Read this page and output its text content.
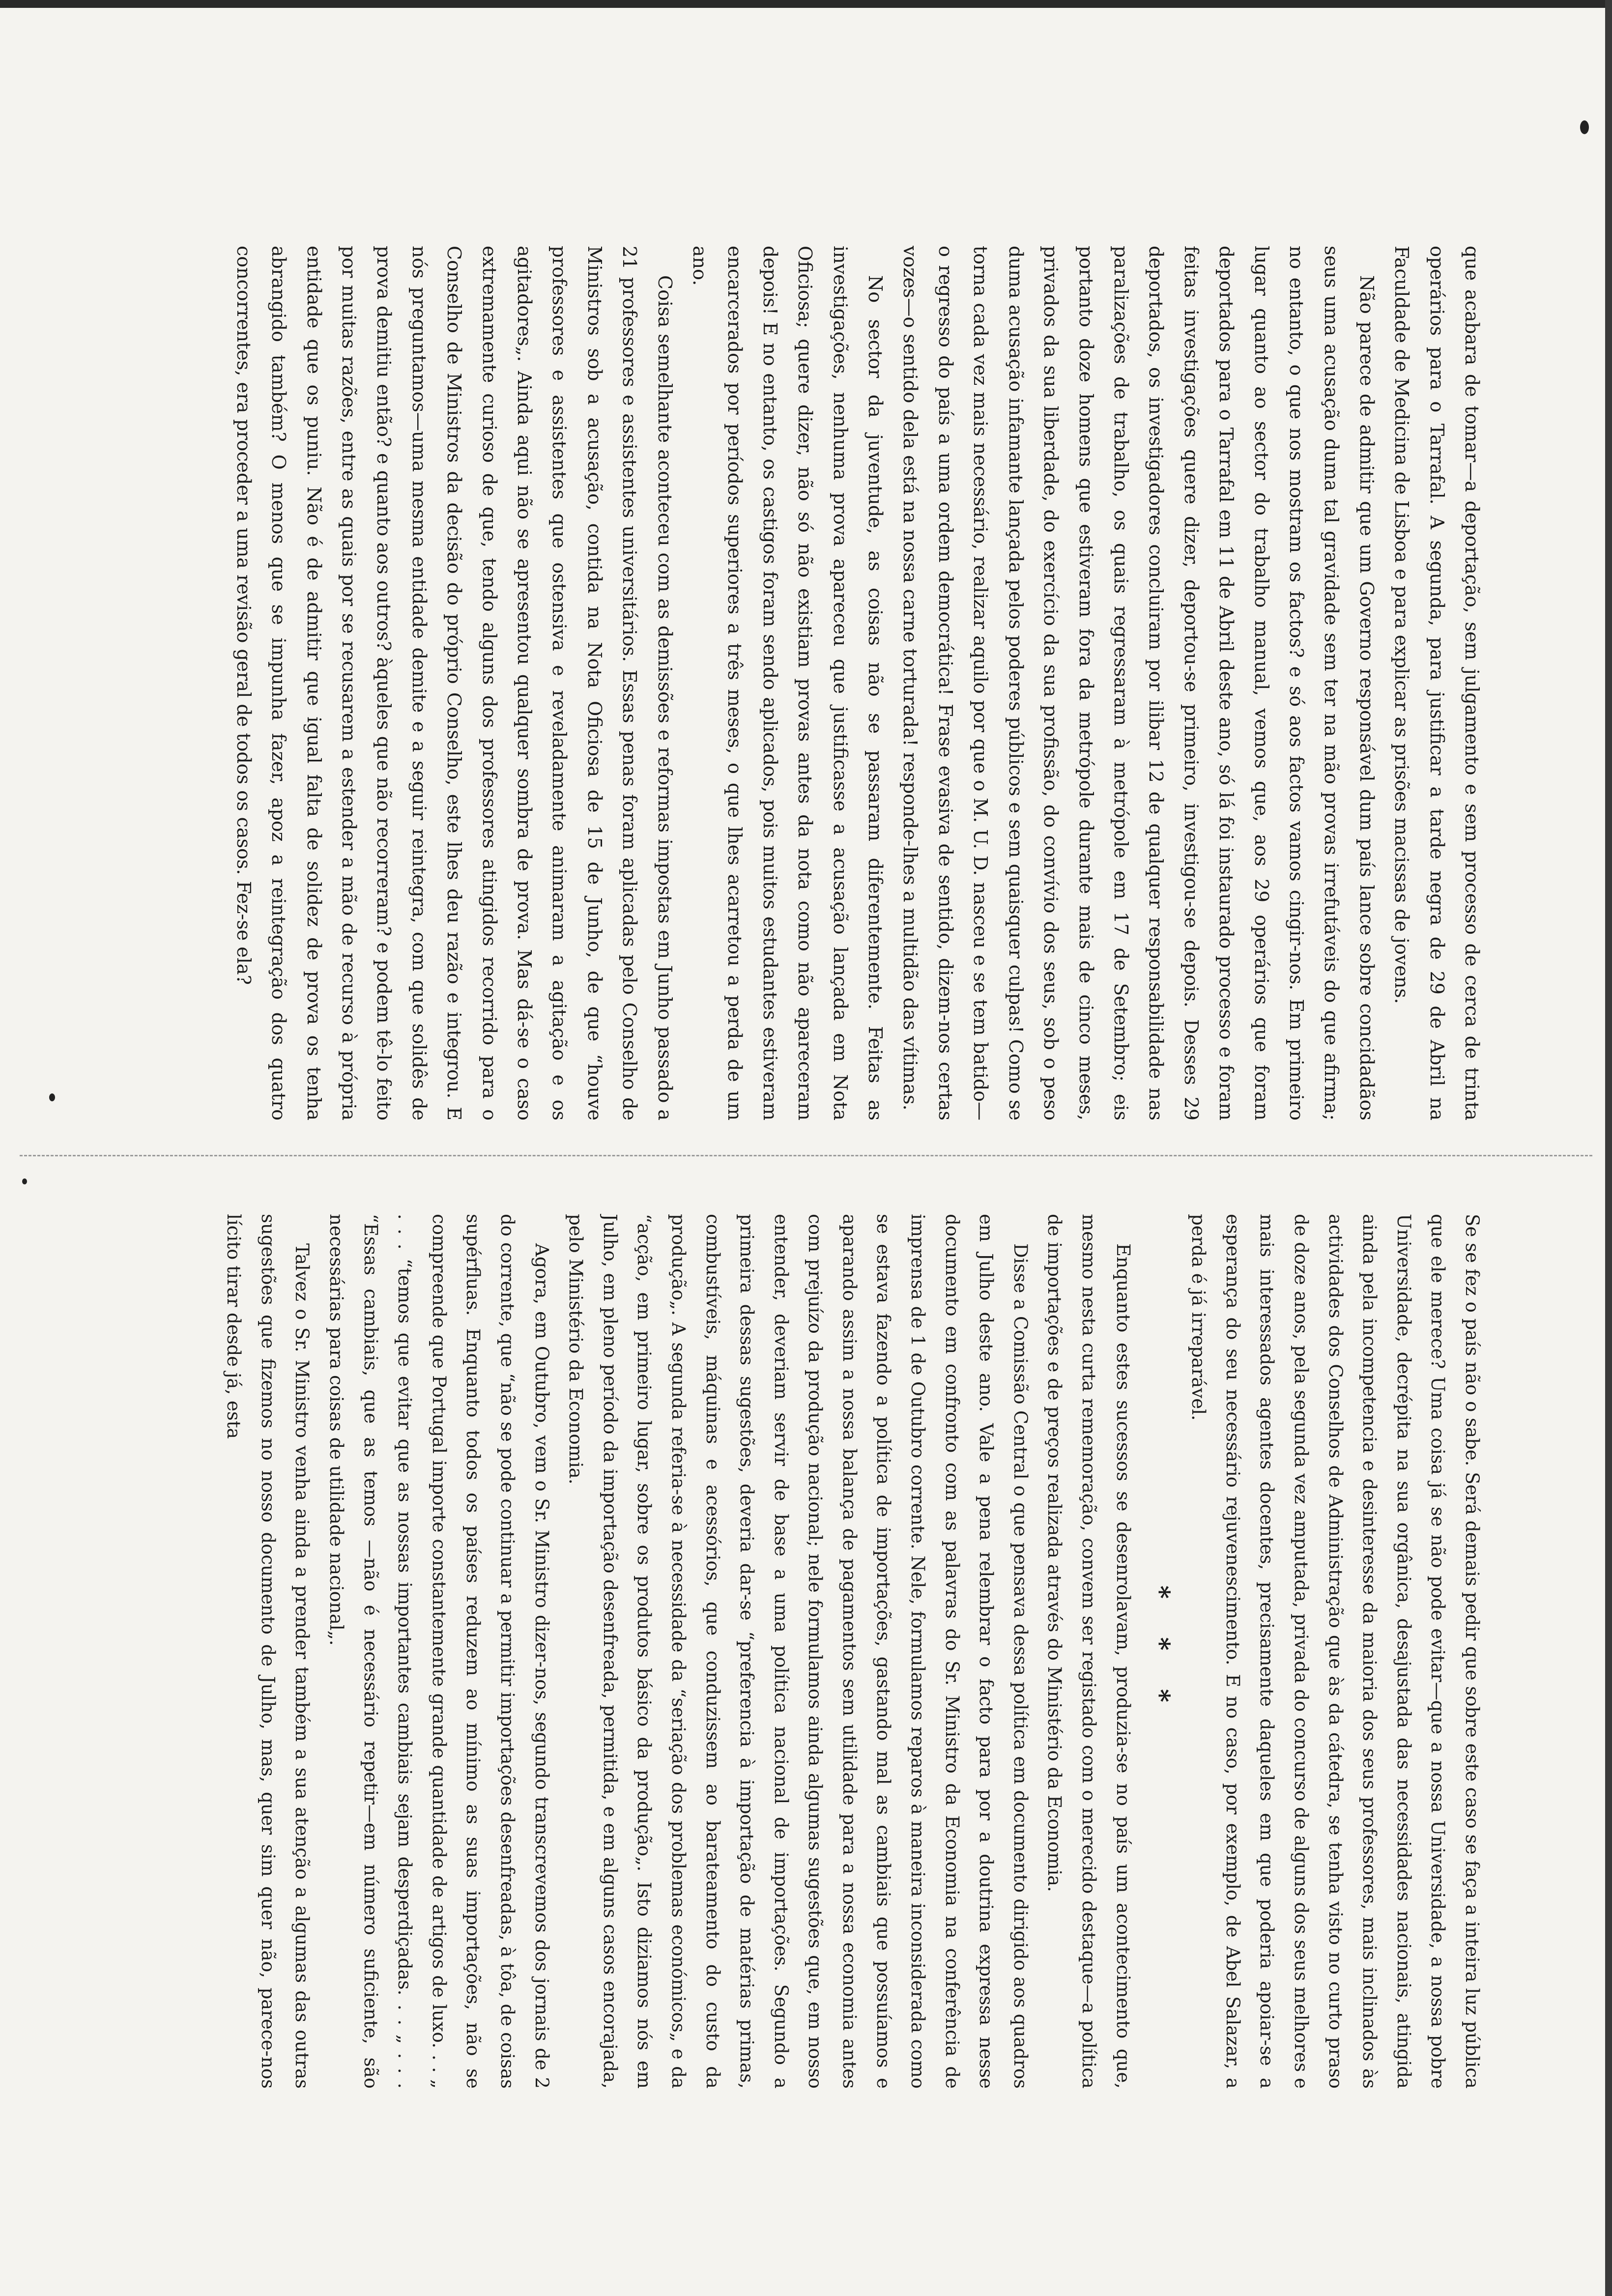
que acabara de tomar—a deportação, sem julgamento e sem processo de cerca de trinta operários para o Tarrafal. A segunda, para justificar a tarde negra de 29 de Abril na Faculdade de Medicina de Lisboa e para explicar as prisões macissas de jovens.

Não parece de admitir que um Governo responsável dum país lance sobre concidadãos seus uma acusação duma tal gravidade sem ter na mão provas irrefutáveis do que afirma; no entanto, o que nos mostram os factos? e só aos factos vamos cingir-nos. Em primeiro lugar quanto ao sector do trabalho manual, vemos que, aos 29 operários que foram deportados para o Tarrafal em 11 de Abril deste ano, só lá foi instaurado processo e foram feitas investigações quere dizer, deportou-se primeiro, investigou-se depois. Desses 29 deportados, os investigadores concluiram por ilibar 12 de qualquer responsabilidade nas paralizações de trabalho, os quais regressaram à metrópole em 17 de Setembro; eis portanto doze homens que estiveram fora da metrópole durante mais de cinco meses, privados da sua liberdade, do exercício da sua profissão, do convívio dos seus, sob o peso duma acusação infamante lançada pelos poderes públicos e sem quaisquer culpas! Como se torna cada vez mais necessário, realizar aquilo por que o M. U. D. nasceu e se tem batido—o regresso do país a uma ordem democrática! Frase evasiva de sentido, dizem-nos certas vozes—o sentido dela está na nossa carne torturada! responde-lhes a multidão das vítimas.

No sector da juventude, as coisas não se passaram diferentemente. Feitas as investigações, nenhuma prova apareceu que justificasse a acusação lançada em Nota Oficiosa; quere dizer, não só não existiam provas antes da nota como não apareceram depois! E no entanto, os castigos foram sendo aplicados, pois muitos estudantes estiveram encarcerados por períodos superiores a três meses, o que lhes acarretou a perda de um ano.

Coisa semelhante aconteceu com as demissões e reformas impostas em Junho passado a 21 professores e assistentes universitários. Essas penas foram aplicadas pelo Conselho de Ministros sob a acusação, contida na Nota Oficiosa de 15 de Junho, de que “houve professores e assistentes que ostensiva e reveladamente animaram a agitação e os agitadores„. Ainda aqui não se apresentou qualquer sombra de prova. Mas dá-se o caso extremamente curioso de que, tendo alguns dos professores atingidos recorrido para o Conselho de Ministros da decisão do próprio Conselho, este lhes deu razão e integrou. E nós preguntamos—uma mesma entidade demite e a seguir reintegra, com que solidês de prova demitiu então? e quanto aos outros? àqueles que não recorreram? e podem tê-lo feito por muitas razões, entre as quais por se recusarem a estender a mão de recurso à própria entidade que os puniu. Não é de admitir que igual falta de solidez de prova os tenha abrangido também? O menos que se impunha fazer, apoz a reintegração dos quatro concorrentes, era proceder a uma revisão geral de todos os casos. Fez-se ela?

Se se fez o país não o sabe. Será demais pedir que sobre este caso se faça a inteira luz pública que ele merece? Uma coisa já se não pode evitar—que a nossa Universidade, a nossa pobre Universidade, decrépita na sua orgânica, desajustada das necessidades nacionais, atingida ainda pela incompetencia e desinteresse da maioria dos seus professores, mais inclinados às actividades dos Conselhos de Administração que às da cátedra, se tenha visto no curto praso de doze anos, pela segunda vez amputada, privada do concurso de alguns dos seus melhores e mais interessados agentes docentes, precisamente daqueles em que poderia apoiar-se a esperança do seu necessário rejuvenescimento. E no caso, por exemplo, de Abel Salazar, a perda é já irreparável.

* * *

Enquanto estes sucessos se desenrolavam, produzia-se no país um acontecimento que, mesmo nesta curta rememoração, convem ser registado com o merecido destaque—a política de importações e de preços realizada através do Ministério da Economia.

Disse a Comissão Central o que pensava dessa política em documento dirigido aos quadros em Julho deste ano. Vale a pena relembrar o facto para por a doutrina expressa nesse documento em confronto com as palavras do Sr. Ministro da Economia na conferência de imprensa de 1 de Outubro corrente. Nele, formulamos reparos à maneira inconsiderada como se estava fazendo a política de importações, gastando mal as cambiais que possuíamos e aparando assim a nossa balança de pagamentos sem utilidade para a nossa economia antes com prejuízo da produção nacional; nele formulamos ainda algumas sugestões que, em nosso entender, deveriam servir de base a uma política nacional de importações. Segundo a primeira dessas sugestões, deveria dar-se “preferencia à importação de matérias primas, combustíveis, máquinas e acessórios, que conduzissem ao barateamento do custo da produção„. A segunda referia-se à necessidade da “seriação dos problemas económicos„ e da “acção, em primeiro lugar, sobre os produtos básico da produção„. Isto diziamos nós em Julho, em pleno período da importação desenfreada, permitida, e em alguns casos encorajada, pelo Ministério da Economia.

Agora, em Outubro, vem o Sr. Ministro dizer-nos, segundo transcrevemos dos jornais de 2 do corrente, que “não se pode continuar a permitir importações desenfreadas, à tôa, de coisas supérfluas. Enquanto todos os países reduzem ao mínimo as suas importações, não se compreende que Portugal importe constantemente grande quantidade de artigos de luxo. . . „ . . . “temos que evitar que as nossas importantes cambiais sejam desperdiçadas. . . „ . . . “Essas cambiais, que as temos —não é necessário repetir—em número suficiente, são necessárias para coisas de utilidade nacional„.

Talvez o Sr. Ministro venha ainda a prender também a sua atenção a algumas das outras sugestões que fizemos no nosso documento de Julho, mas, quer sim quer não, parece-nos lícito tirar desde já, esta
